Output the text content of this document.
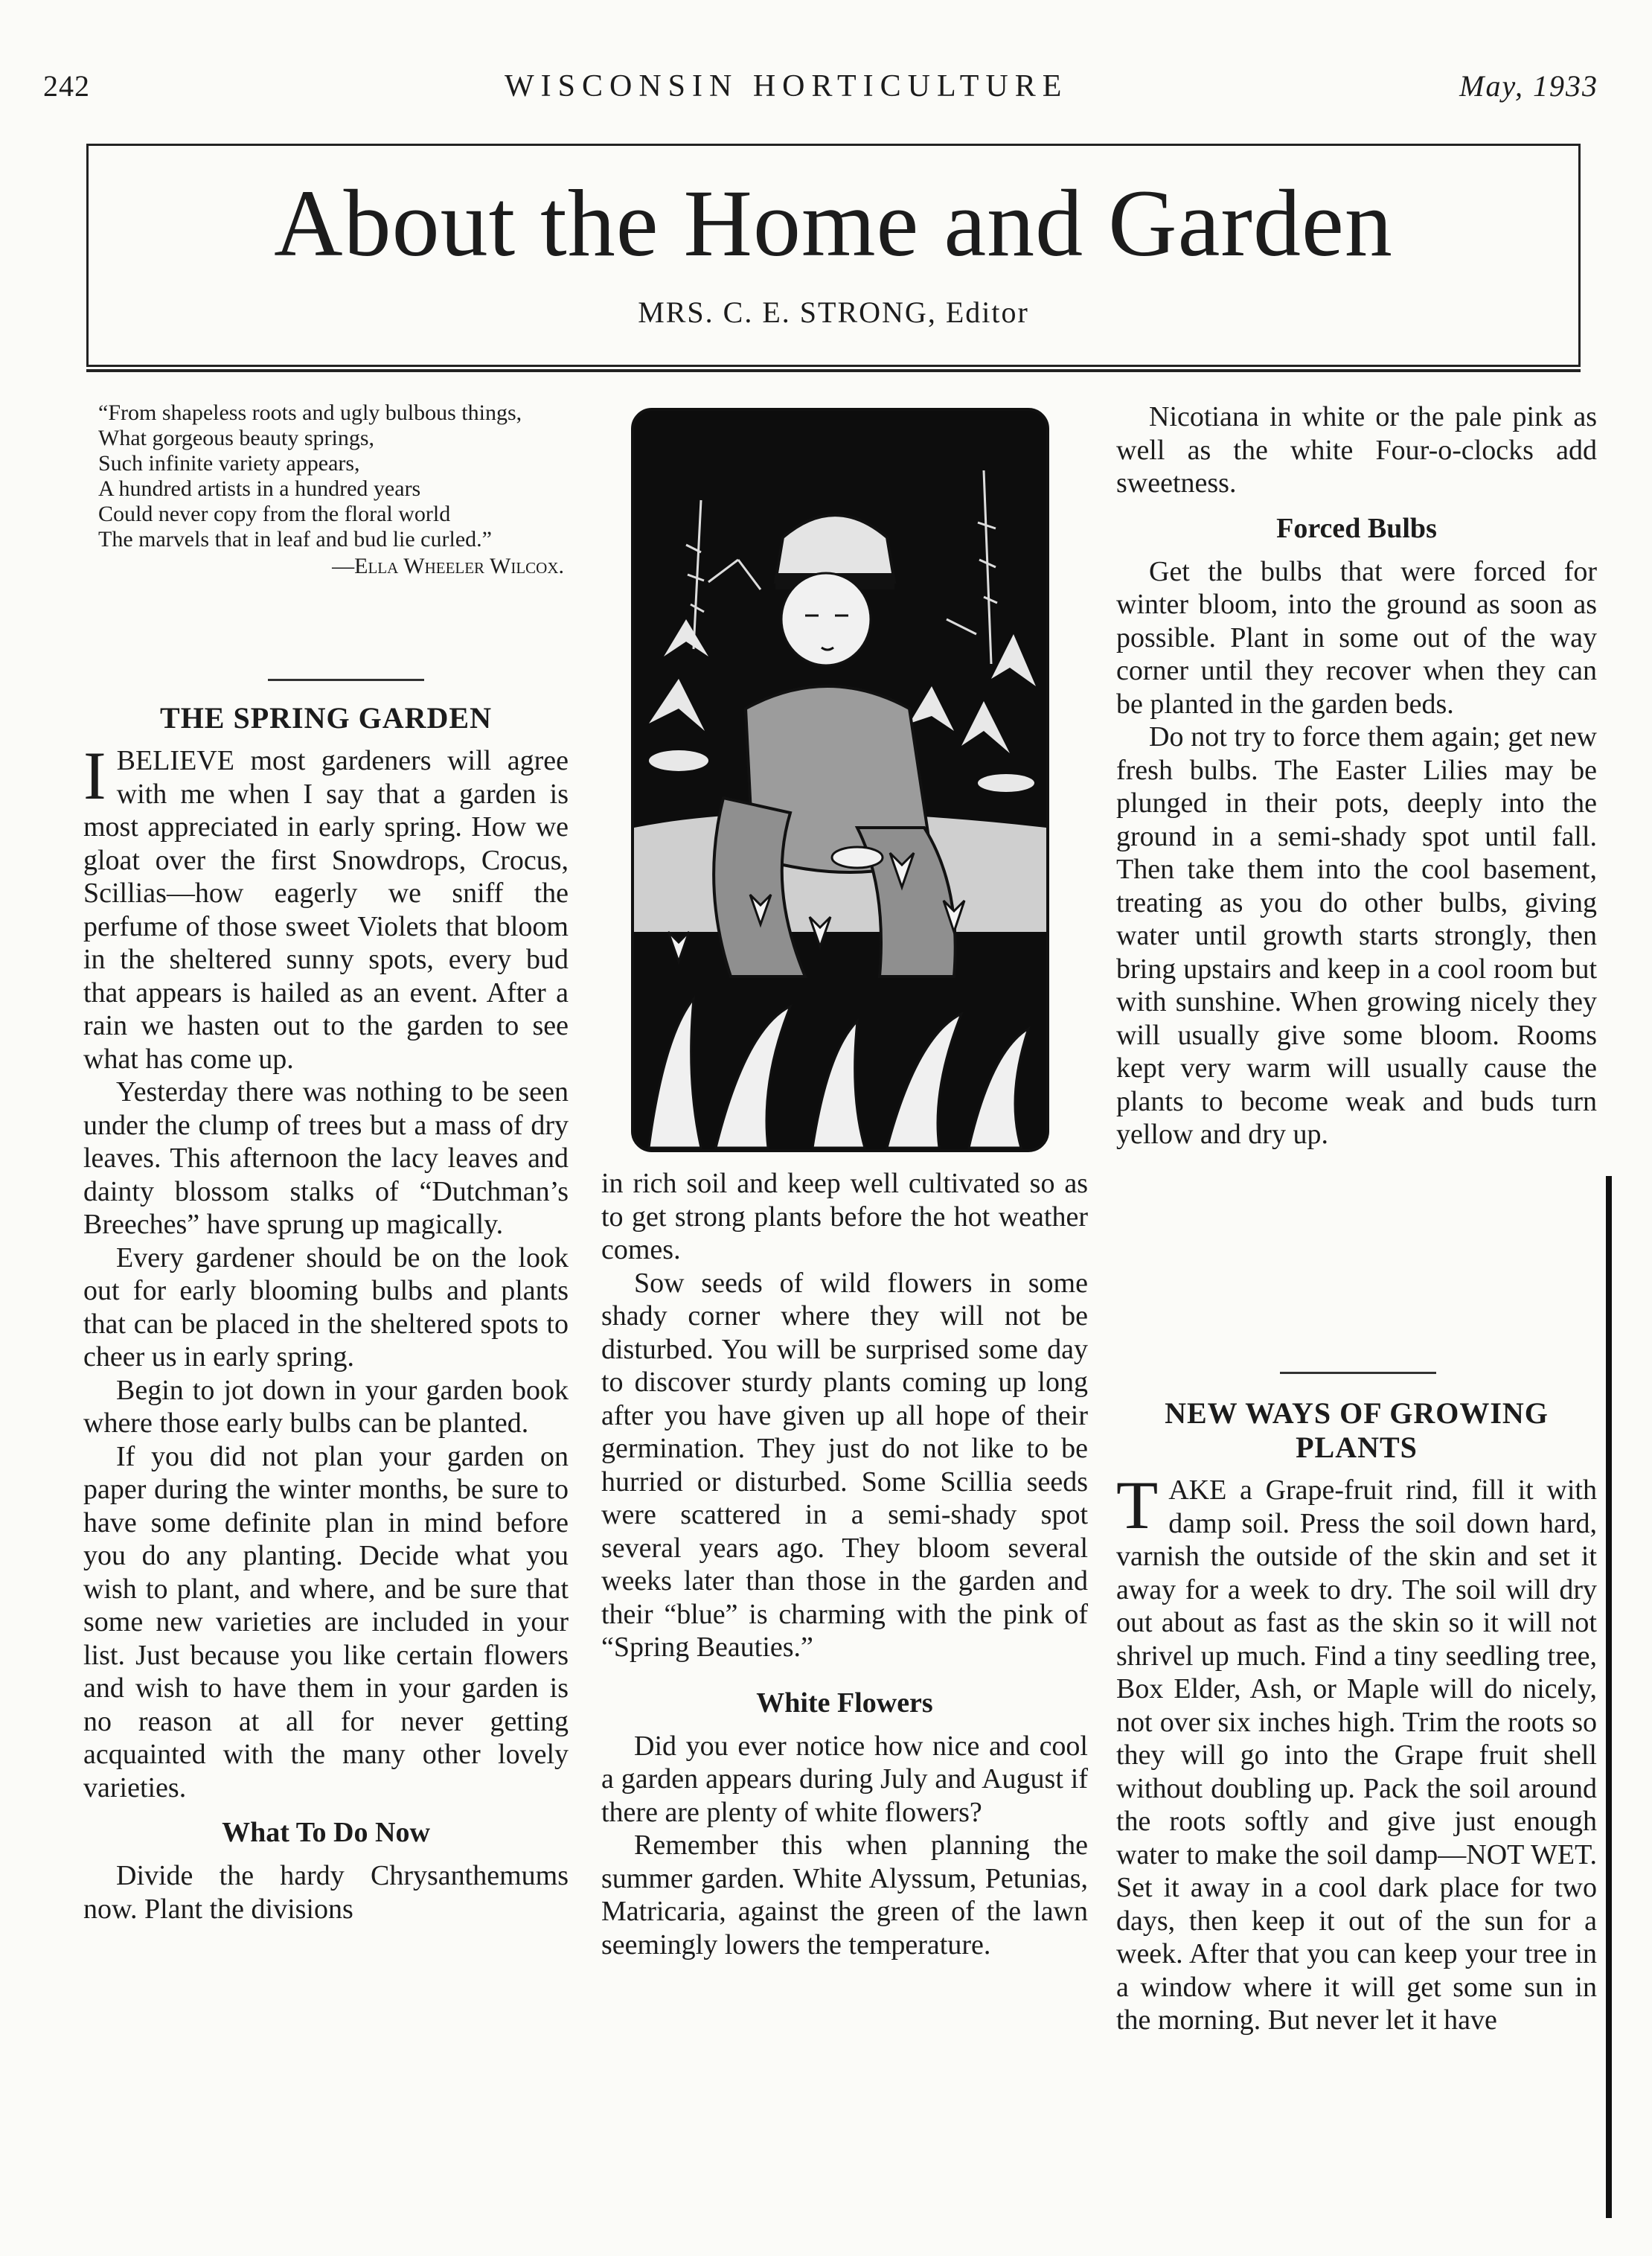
242	WISCONSIN HORTICULTURE	May, 1933
About the Home and Garden
MRS. C. E. STRONG, Editor
“From shapeless roots and ugly bulbous things,
What gorgeous beauty springs,
Such infinite variety appears,
A hundred artists in a hundred years
Could never copy from the floral world
The marvels that in leaf and bud lie curled.”
—Ella Wheeler Wilcox.
THE SPRING GARDEN

IBELIEVE most gardeners will agree with me when I say that a garden is most appreciated in early spring. How we gloat over the first Snowdrops, Crocus, Scillias—how eagerly we sniff the perfume of those sweet Violets that bloom in the sheltered sunny spots, every bud that appears is hailed as an event. After a rain we hasten out to the garden to see what has come up.

Yesterday there was nothing to be seen under the clump of trees but a mass of dry leaves. This afternoon the lacy leaves and dainty blossom stalks of “Dutchman’s Breeches” have sprung up magically.

Every gardener should be on the look out for early blooming bulbs and plants that can be placed in the sheltered spots to cheer us in early spring.

Begin to jot down in your garden book where those early bulbs can be planted.

If you did not plan your garden on paper during the winter months, be sure to have some definite plan in mind before you do any planting. Decide what you wish to plant, and where, and be sure that some new varieties are included in your list. Just because you like certain flowers and wish to have them in your garden is no reason at all for never getting acquainted with the many other lovely varieties.

What To Do Now

Divide the hardy Chrysanthemums now. Plant the divisions

in rich soil and keep well cultivated so as to get strong plants before the hot weather comes.

Sow seeds of wild flowers in some shady corner where they will not be disturbed. You will be surprised some day to discover sturdy plants coming up long after you have given up all hope of their germination. They just do not like to be hurried or disturbed. Some Scillia seeds were scattered in a semi-shady spot several years ago. They bloom several weeks later than those in the garden and their “blue” is charming with the pink of “Spring Beauties.”

White Flowers

Did you ever notice how nice and cool a garden appears during July and August if there are plenty of white flowers?

Remember this when planning the summer garden. White Alyssum, Petunias, Matricaria, against the green of the lawn seemingly lowers the temperature.

Nicotiana in white or the pale pink as well as the white Four-o-clocks add sweetness.

Forced Bulbs

Get the bulbs that were forced for winter bloom, into the ground as soon as possible. Plant in some out of the way corner until they recover when they can be planted in the garden beds.

Do not try to force them again; get new fresh bulbs. The Easter Lilies may be plunged in their pots, deeply into the ground in a semi-shady spot until fall. Then take them into the cool basement, treating as you do other bulbs, giving water until growth starts strongly, then bring upstairs and keep in a cool room but with sunshine. When growing nicely they will usually give some bloom. Rooms kept very warm will usually cause the plants to become weak and buds turn yellow and dry up.

NEW WAYS OF GROWING PLANTS

TAKE a Grape-fruit rind, fill it with damp soil. Press the soil down hard, varnish the outside of the skin and set it away for a week to dry. The soil will dry out about as fast as the skin so it will not shrivel up much. Find a tiny seedling tree, Box Elder, Ash, or Maple will do nicely, not over six inches high. Trim the roots so they will go into the Grape fruit shell without doubling up. Pack the soil around the roots softly and give just enough water to make the soil damp—NOT WET. Set it away in a cool dark place for two days, then keep it out of the sun for a week. After that you can keep your tree in a window where it will get some sun in the morning. But never let it have
